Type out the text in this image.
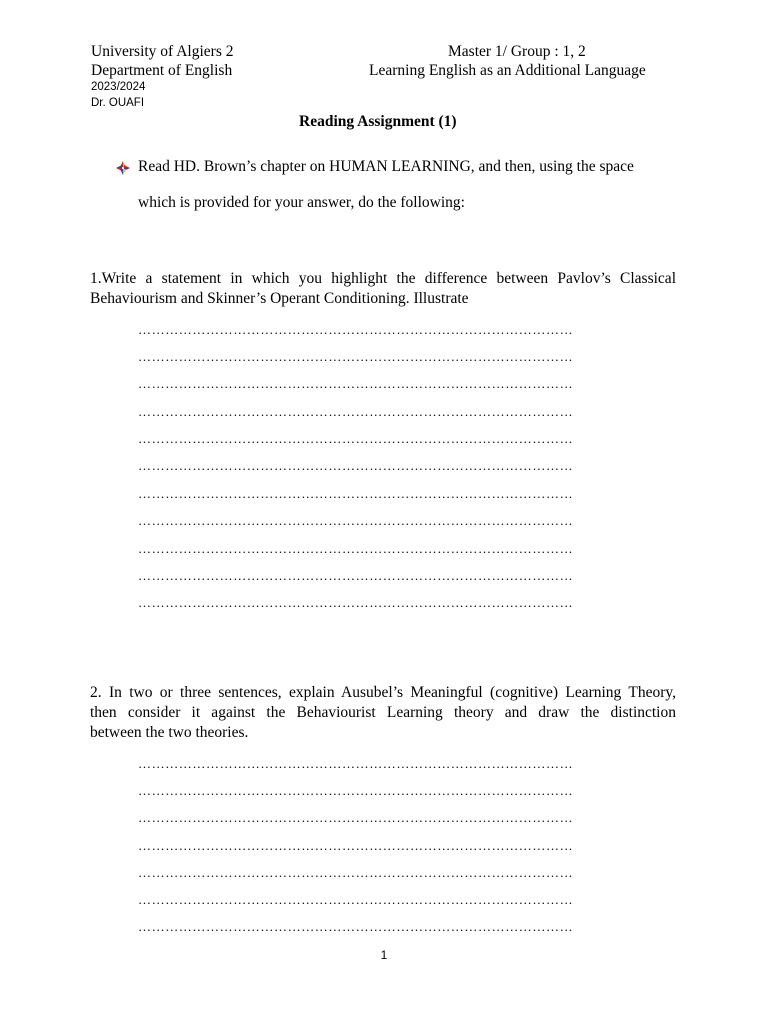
University of Algiers 2
Department of English
2023/2024
Dr. OUAFI
Master 1/ Group : 1, 2
Learning English as an Additional Language
Reading Assignment (1)
Read HD. Brown’s chapter on HUMAN LEARNING, and then, using the space
which is provided for your answer, do the following:
1.Write a statement in which you highlight the difference between Pavlov’s Classical
Behaviourism and Skinner’s Operant Conditioning. Illustrate
……………………………………………………………………………………
……………………………………………………………………………………
……………………………………………………………………………………
……………………………………………………………………………………
……………………………………………………………………………………
……………………………………………………………………………………
……………………………………………………………………………………
……………………………………………………………………………………
……………………………………………………………………………………
……………………………………………………………………………………
……………………………………………………………………………………
2. In two or three sentences, explain Ausubel’s Meaningful (cognitive) Learning Theory,
then consider it against the Behaviourist Learning theory and draw the distinction
between the two theories.
……………………………………………………………………………………
……………………………………………………………………………………
……………………………………………………………………………………
……………………………………………………………………………………
……………………………………………………………………………………
……………………………………………………………………………………
……………………………………………………………………………………
1
